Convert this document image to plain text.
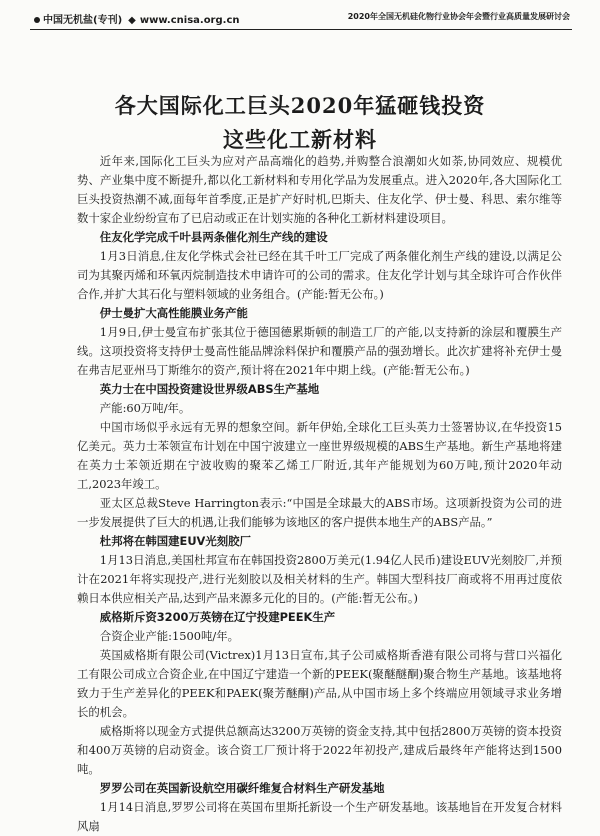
中国无机盐(专刊) ◆ www.cnisa.org.cn	2020年全国无机硅化物行业协会年会暨行业高质量发展研讨会
各大国际化工巨头2020年猛砸钱投资
这些化工新材料

近年来,国际化工巨头为应对产品高端化的趋势,并购整合浪潮如火如荼,协同效应、规模优势、产业集中度不断提升,都以化工新材料和专用化学品为发展重点。进入2020年,各大国际化工巨头投资热潮不减,面每年首季度,正是扩产好时机,巴斯夫、住友化学、伊士曼、科思、索尔维等数十家企业纷纷宣布了已启动或正在计划实施的各种化工新材料建设项目。

住友化学完成千叶县两条催化剂生产线的建设

1月3日消息,住友化学株式会社已经在其千叶工厂完成了两条催化剂生产线的建设,以满足公司为其聚丙烯和环氧丙烷制造技术申请许可的公司的需求。住友化学计划与其全球许可合作伙伴合作,并扩大其石化与塑料领域的业务组合。(产能:暂无公布。)

伊士曼扩大高性能膜业务产能

1月9日,伊士曼宣布扩张其位于德国德累斯顿的制造工厂的产能,以支持新的涂层和覆膜生产线。这项投资将支持伊士曼高性能品牌涂料保护和覆膜产品的强劲增长。此次扩建将补充伊士曼在弗吉尼亚州马丁斯维尔的资产,预计将在2021年中期上线。(产能:暂无公布。)

英力士在中国投资建设世界级ABS生产基地

产能:60万吨/年。

中国市场似乎永远有无界的想象空间。新年伊始,全球化工巨头英力士签署协议,在华投资15亿美元。英力士苯领宣布计划在中国宁波建立一座世界级规模的ABS生产基地。新生产基地将建在英力士苯领近期在宁波收购的聚苯乙烯工厂附近,其年产能规划为60万吨,预计2020年动工,2023年竣工。

亚太区总裁Steve Harrington表示:“中国是全球最大的ABS市场。这项新投资为公司的进一步发展提供了巨大的机遇,让我们能够为该地区的客户提供本地生产的ABS产品。”

杜邦将在韩国建EUV光刻胶厂

1月13日消息,美国杜邦宣布在韩国投资2800万美元(1.94亿人民币)建设EUV光刻胶厂,并预计在2021年将实现投产,进行光刻胶以及相关材料的生产。韩国大型科技厂商或将不用再过度依赖日本供应相关产品,达到产品来源多元化的目的。(产能:暂无公布。)

威格斯斥资3200万英镑在辽宁投建PEEK生产

合资企业产能:1500吨/年。

英国威格斯有限公司(Victrex)1月13日宣布,其子公司威格斯香港有限公司将与营口兴福化工有限公司成立合资企业,在中国辽宁建造一个新的PEEK(聚醚醚酮)聚合物生产基地。该基地将致力于生产差异化的PEEK和PAEK(聚芳醚酮)产品,从中国市场上多个终端应用领域寻求业务增长的机会。

威格斯将以现金方式提供总额高达3200万英镑的资金支持,其中包括2800万英镑的资本投资和400万英镑的启动资金。该合资工厂预计将于2022年初投产,建成后最终年产能将达到1500吨。

罗罗公司在英国新设航空用碳纤维复合材料生产研发基地

1月14日消息,罗罗公司将在英国布里斯托新设一个生产研发基地。该基地旨在开发复合材料风扇
